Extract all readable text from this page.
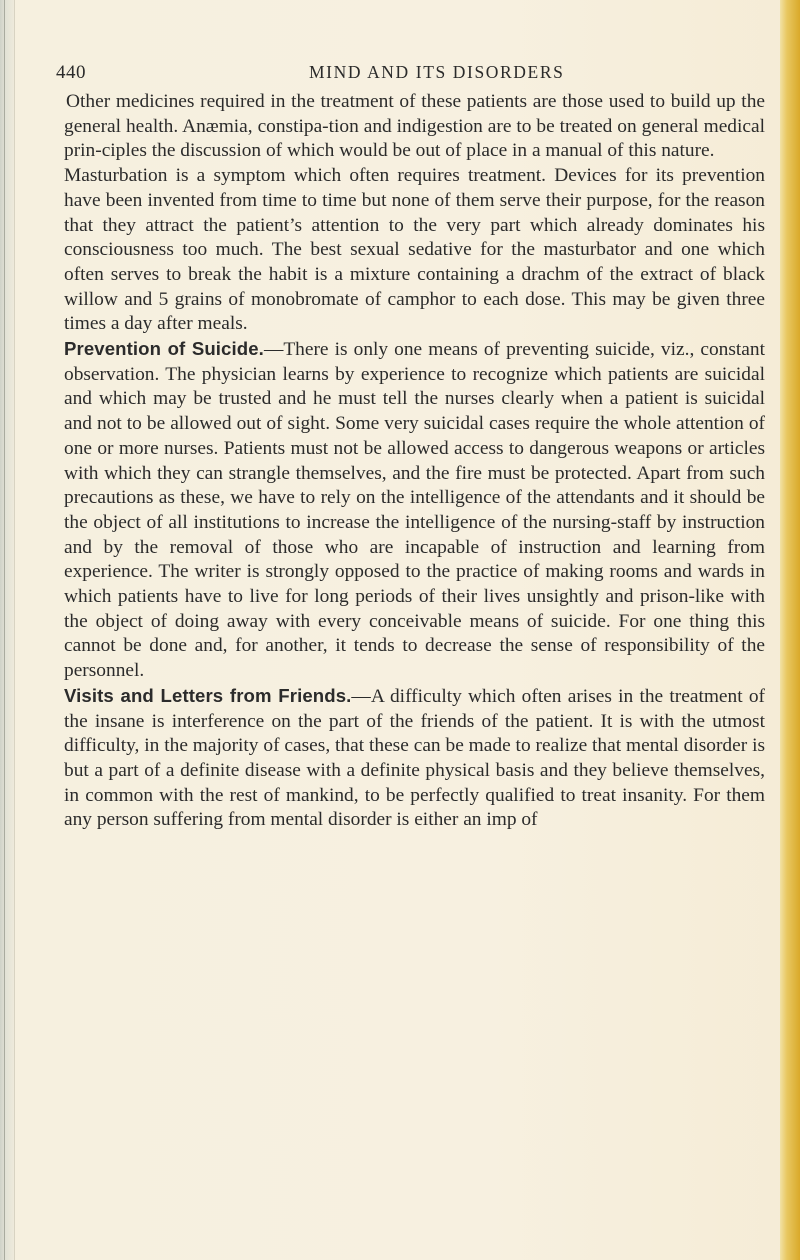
440	MIND AND ITS DISORDERS

Other medicines required in the treatment of these patients are those used to build up the general health. Anæmia, constipa-tion and indigestion are to be treated on general medical prin-ciples the discussion of which would be out of place in a manual of this nature.

Masturbation is a symptom which often requires treatment. Devices for its prevention have been invented from time to time but none of them serve their purpose, for the reason that they attract the patient’s attention to the very part which already dominates his consciousness too much. The best sexual sedative for the masturbator and one which often serves to break the habit is a mixture containing a drachm of the extract of black willow and 5 grains of monobromate of camphor to each dose. This may be given three times a day after meals.

Prevention of Suicide.—There is only one means of preventing suicide, viz., constant observation. The physician learns by experience to recognize which patients are suicidal and which may be trusted and he must tell the nurses clearly when a patient is suicidal and not to be allowed out of sight. Some very suicidal cases require the whole attention of one or more nurses. Patients must not be allowed access to dangerous weapons or articles with which they can strangle themselves, and the fire must be protected. Apart from such precautions as these, we have to rely on the intelligence of the attendants and it should be the object of all institutions to increase the intelligence of the nursing-staff by instruction and by the removal of those who are incapable of instruction and learning from experience. The writer is strongly opposed to the practice of making rooms and wards in which patients have to live for long periods of their lives unsightly and prison-like with the object of doing away with every conceivable means of suicide. For one thing this cannot be done and, for another, it tends to decrease the sense of responsibility of the personnel.

Visits and Letters from Friends.—A difficulty which often arises in the treatment of the insane is interference on the part of the friends of the patient. It is with the utmost difficulty, in the majority of cases, that these can be made to realize that mental disorder is but a part of a definite disease with a definite physical basis and they believe themselves, in common with the rest of mankind, to be perfectly qualified to treat insanity. For them any person suffering from mental disorder is either an imp of
